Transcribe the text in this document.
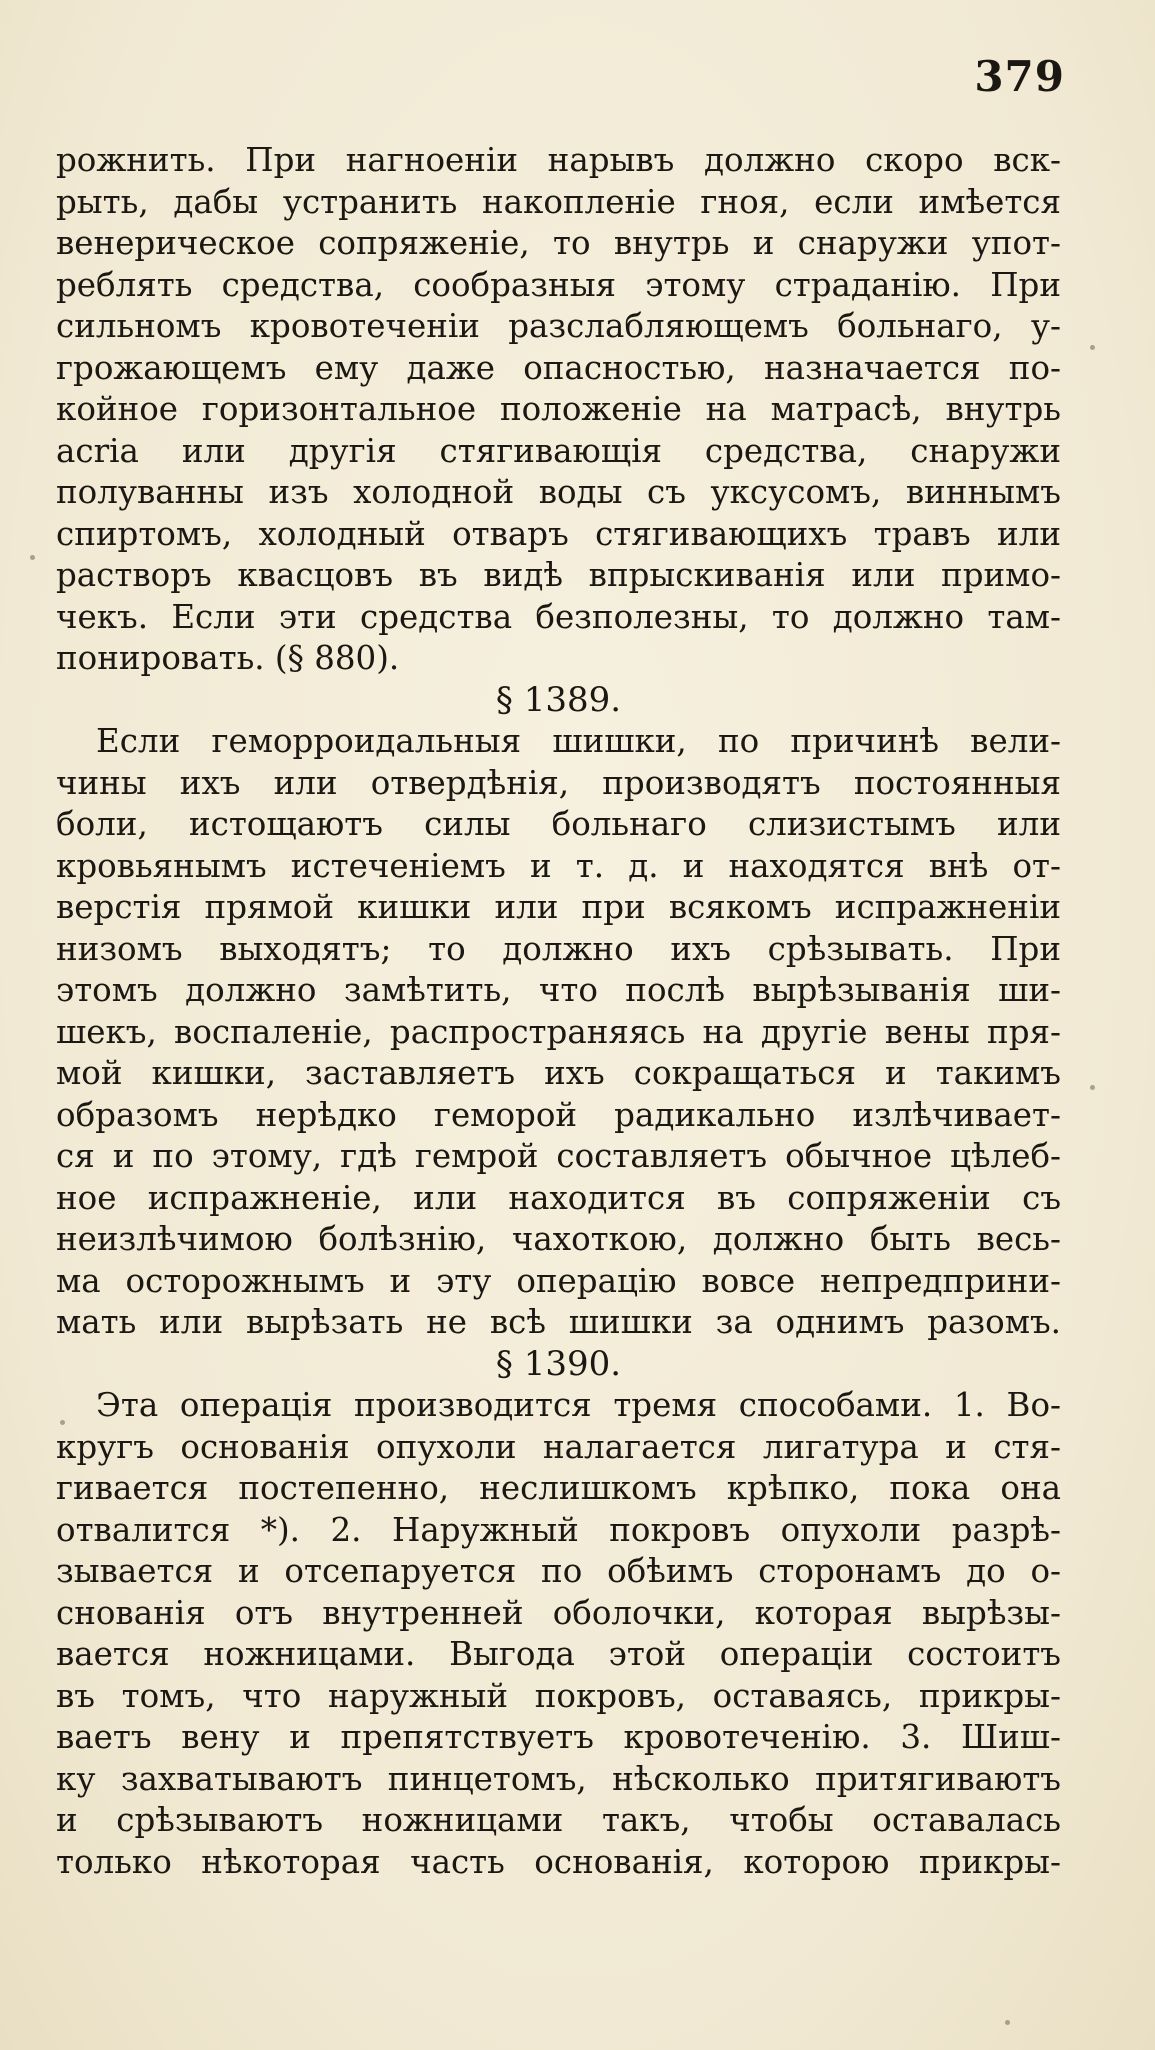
379
рожнить. При нагноеніи нарывъ должно скоро вск-
рыть, дабы устранить накопленіе гноя, если имѣется
венерическое сопряженіе, то внутрь и снаружи упот-
реблять средства, сообразныя этому страданію. При
сильномъ кровотеченіи разслабляющемъ больнаго, у-
грожающемъ ему даже опасностью, назначается по-
койное горизонтальное положеніе на матрасѣ, внутрь
acria или другія стягивающія средства, снаружи
полуванны изъ холодной воды съ уксусомъ, виннымъ
спиртомъ, холодный отваръ стягивающихъ травъ или
растворъ квасцовъ въ видѣ впрыскиванія или примо-
чекъ. Если эти средства безполезны, то должно там-
понировать. (§ 880).
§ 1389.
Если геморроидальныя шишки, по причинѣ вели-
чины ихъ или отвердѣнія, производятъ постоянныя
боли, истощаютъ силы больнаго слизистымъ или
кровьянымъ истеченіемъ и т. д. и находятся внѣ от-
верстія прямой кишки или при всякомъ испражненіи
низомъ выходятъ; то должно ихъ срѣзывать. При
этомъ должно замѣтить, что послѣ вырѣзыванія ши-
шекъ, воспаленіе, распространяясь на другіе вены пря-
мой кишки, заставляетъ ихъ сокращаться и такимъ
образомъ нерѣдко геморой радикально излѣчивает-
ся и по этому, гдѣ гемрой составляетъ обычное цѣлеб-
ное испражненіе, или находится въ сопряженіи съ
неизлѣчимою болѣзнію, чахоткою, должно быть весь-
ма осторожнымъ и эту операцію вовсе непредприни-
мать или вырѣзать не всѣ шишки за однимъ разомъ.
§ 1390.
Эта операція производится тремя способами. 1. Во-
кругъ основанія опухоли налагается лигатура и стя-
гивается постепенно, неслишкомъ крѣпко, пока она
отвалится *). 2. Наружный покровъ опухоли разрѣ-
зывается и отсепаруется по обѣимъ сторонамъ до о-
снованія отъ внутренней оболочки, которая вырѣзы-
вается ножницами. Выгода этой операціи состоитъ
въ томъ, что наружный покровъ, оставаясь, прикры-
ваетъ вену и препятствуетъ кровотеченію. 3. Шиш-
ку захватываютъ пинцетомъ, нѣсколько притягиваютъ
и срѣзываютъ ножницами такъ, чтобы оставалась
только нѣкоторая часть основанія, которою прикры-
